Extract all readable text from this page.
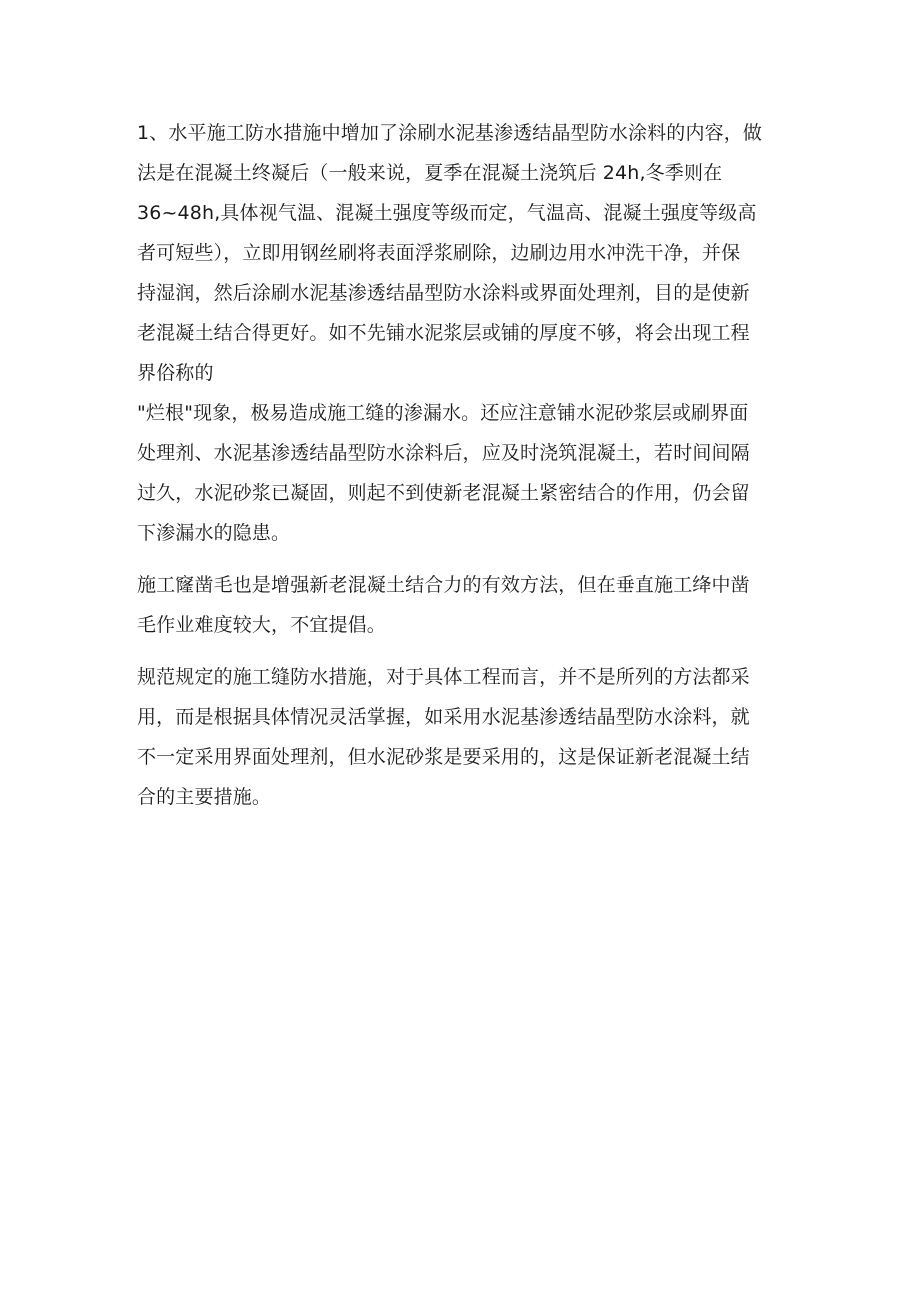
1、水平施工防水措施中增加了涂刷水泥基渗透结晶型防水涂料的内容，做
法是在混凝土终凝后（一般来说，夏季在混凝土浇筑后 24h,冬季则在
36~48h,具体视气温、混凝土强度等级而定，气温高、混凝土强度等级高
者可短些），立即用钢丝刷将表面浮浆刷除，边刷边用水冲洗干净，并保
持湿润，然后涂刷水泥基渗透结晶型防水涂料或界面处理剂，目的是使新
老混凝土结合得更好。如不先铺水泥浆层或铺的厚度不够，将会出现工程
界俗称的
"烂根"现象，极易造成施工缝的渗漏水。还应注意铺水泥砂浆层或刷界面
处理剂、水泥基渗透结晶型防水涂料后，应及时浇筑混凝土，若时间间隔
过久，水泥砂浆已凝固，则起不到使新老混凝土紧密结合的作用，仍会留
下渗漏水的隐患。
施工窿凿毛也是增强新老混凝土结合力的有效方法，但在垂直施工绛中凿
毛作业难度较大，不宜提倡。
规范规定的施工缝防水措施，对于具体工程而言，并不是所列的方法都采
用，而是根据具体情况灵活掌握，如采用水泥基渗透结晶型防水涂料，就
不一定采用界面处理剂，但水泥砂浆是要采用的，这是保证新老混凝土结
合的主要措施。
